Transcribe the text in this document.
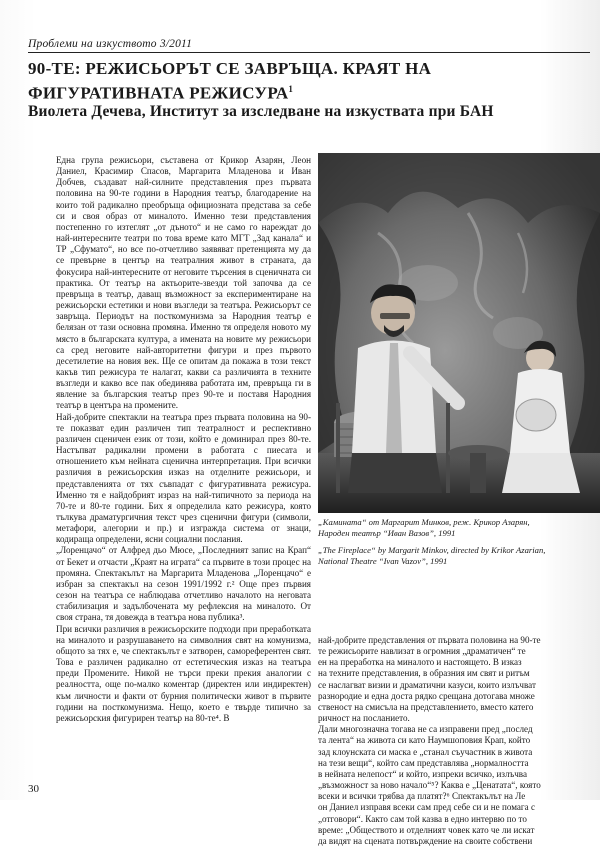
Проблеми на изкуството 3/2011
90-ТЕ: РЕЖИСЬОРЪТ СЕ ЗАВРЪЩА. КРАЯТ НА
ФИГУРАТИВНАТА РЕЖИСУРА$^1$
Виолета Дечева, Институт за изследване на изкуствата при БАН

Една група режисьори, съставена от Крикор Азарян, Леон Даниел, Красимир Спасов, Маргарита Младенова и Иван Добчев, създават най-силните представления през първата половина на 90-те години в Народния театър, благодарение на които той радикално преобръща официозната представа за себе си и своя образ от миналото. Именно тези представления постепенно го изтеглят „от дъното“ и не само го нареждат до най-интересните театри по това време като МГТ „Зад канала“ и ТР „Сфумато“, но все по-отчетливо заявяват претенцията му да се превърне в център на театралния живот в страната, да фокусира най-интересните от неговите търсения в сценичната си практика. От театър на актьорите-звезди той започва да се превръща в театър, даващ възможност за експериментиране на режисьорски естетики и нови възгледи за театъра. Режисьорът се завръща. Периодът на посткомунизма за Народния театър е белязан от тази основна промяна. Именно тя определя новото му място в българската култура, а имената на новите му режисьори са сред неговите най-авторитетни фигури и през първото десетилетие на новия век. Ще се опитам да покажа в този текст какъв тип режисура те налагат, какви са различията в техните възгледи и какво все пак обединява работата им, превръща ги в явление за българския театър през 90-те и поставя Народния театър в центъра на промените.

Най-добрите спектакли на театъра през първата половина на 90-те показват един различен тип театралност и респективно различен сценичен език от този, който е доминирал през 80-те. Настъпват радикални промени в работата с пиесата и отношението към нейната сценична интерпретация. При всички различия в режисьорския изказ на отделните режисьори, и представленията от тях съвпадат с фигуративната режисура. Именно тя е найдобрият израз на най-типичното за периода на 70-те и 80-те години. Бих я определила като режисура, която тълкува драматургичния текст чрез сценични фигури (символи, метафори, алегории и пр.) и изгражда система от знаци, кодираща определени, ясни социални послания.

„Лоренцачо“ от Алфред дьо Мюсе, „Последният запис на Крап“ от Бекет и отчасти „Краят на играта“ са първите в този процес на промяна. Спектакълът на Маргарита Младенова „Лоренцачо“ е избран за спектакъл на сезон 1991/1992 г.² Още през първия сезон на театъра се наблюдава отчетливо началото на неговата стабилизация и задълбочената му рефлексия на миналото. От своя страна, тя довежда в театъра нова публика³.

При всички различия в режисьорските подходи при преработката на миналото и разрушаването на символния свят на комунизма, общото за тях е, че спектакълът е затворен, самореферентен свят. Това е различен радикално от естетическия изказ на театъра преди Промените. Никой не търси преки прекия аналогии с реалността, още по-малко коментар (директен или индиректен) към личности и факти от бурния политически живот в първите години на посткомунизма. Нещо, което е твърде типично за режисьорския фигурирен театър на 80-те⁴. В

„Камината“ от Маргарит Минков, реж. Крикор Азарян,
Народен театър “Иван Вазов”, 1991
„The Fireplace“ by Margarit Minkov, directed by Krikor Azarian,
National Theatre “Ivan Vazov”, 1991

най-добрите представления от първата половина на 90-те

те режисьорите навлизат в огромния „драматичен“ те

ен на преработка на миналото и настоящето. В изказ

на техните представления, в образния им свят и ритъм

се наслагват визии и драматични казуси, които излъчват

разнородие и една доста рядко срещана дотогава множе

ственост на смисъла на представлението, вместо катего

ричност на посланието.

Дали многозначна тогава не са изправени пред „послед

та лента“ на живота си като Наумшоповия Крап, който

зад клоунската си маска е „станал съучастник в живота

на тези вещи“, който сам представлява „нормалността

в нейната нелепост“ и който, изпреки всичко, излъчва

„възможност за ново начало“⁵? Каква е „Ценатата“, която

всеки и всички трябва да платят?⁶ Спектакълът на Ле

он Даниел изправя всеки сам пред себе си и не помага с

„отговори“. Както сам той казва в едно интервю по то

време: „Обществото и отделният човек като че ли искат

да видят на сцената потвърждение на своите собствени

30
